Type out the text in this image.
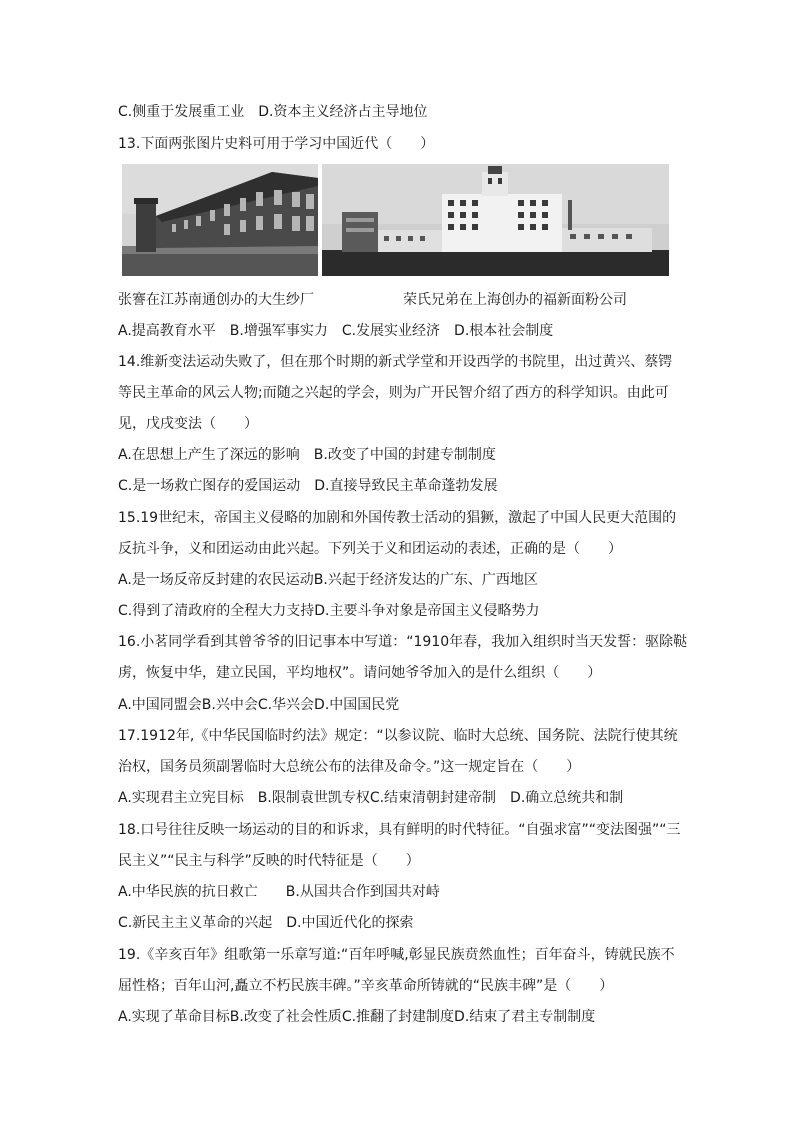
C.侧重于发展重工业　D.资本主义经济占主导地位
13.下面两张图片史料可用于学习中国近代（　　）
张謇在江苏南通创办的大生纱厂	荣氏兄弟在上海创办的福新面粉公司
A.提高教育水平　B.增强军事实力　C.发展实业经济　D.根本社会制度
14.维新变法运动失败了，但在那个时期的新式学堂和开设西学的书院里，出过黄兴、蔡锷
等民主革命的风云人物;而随之兴起的学会，则为广开民智介绍了西方的科学知识。由此可
见，戊戌变法（　　）
A.在思想上产生了深远的影响　B.改变了中国的封建专制制度
C.是一场救亡图存的爱国运动　D.直接导致民主革命蓬勃发展
15.19世纪末，帝国主义侵略的加剧和外国传教士活动的猖獗，激起了中国人民更大范围的
反抗斗争，义和团运动由此兴起。下列关于义和团运动的表述，正确的是（　　）
A.是一场反帝反封建的农民运动B.兴起于经济发达的广东、广西地区
C.得到了清政府的全程大力支持D.主要斗争对象是帝国主义侵略势力
16.小茗同学看到其曾爷爷的旧记事本中写道：“1910年春，我加入组织时当天发誓：驱除鞑
虏，恢复中华，建立民国，平均地权”。请问她爷爷加入的是什么组织（　　）
A.中国同盟会B.兴中会C.华兴会D.中国国民党
17.1912年,《中华民国临时约法》规定：“以参议院、临时大总统、国务院、法院行使其统
治权，国务员须副署临时大总统公布的法律及命令。”这一规定旨在（　　）
A.实现君主立宪目标　B.限制袁世凯专权C.结束清朝封建帝制　D.确立总统共和制
18.口号往往反映一场运动的目的和诉求，具有鲜明的时代特征。“自强求富”“变法图强”“三
民主义”“民主与科学”反映的时代特征是（　　）
A.中华民族的抗日救亡　　B.从国共合作到国共对峙
C.新民主主义革命的兴起　D.中国近代化的探索
19.《辛亥百年》组歌第一乐章写道:“百年呼喊,彰显民族贲然血性；百年奋斗，铸就民族不
屈性格；百年山河,矗立不朽民族丰碑。”辛亥革命所铸就的“民族丰碑”是（　　）
A.实现了革命目标B.改变了社会性质C.推翻了封建制度D.结束了君主专制制度
